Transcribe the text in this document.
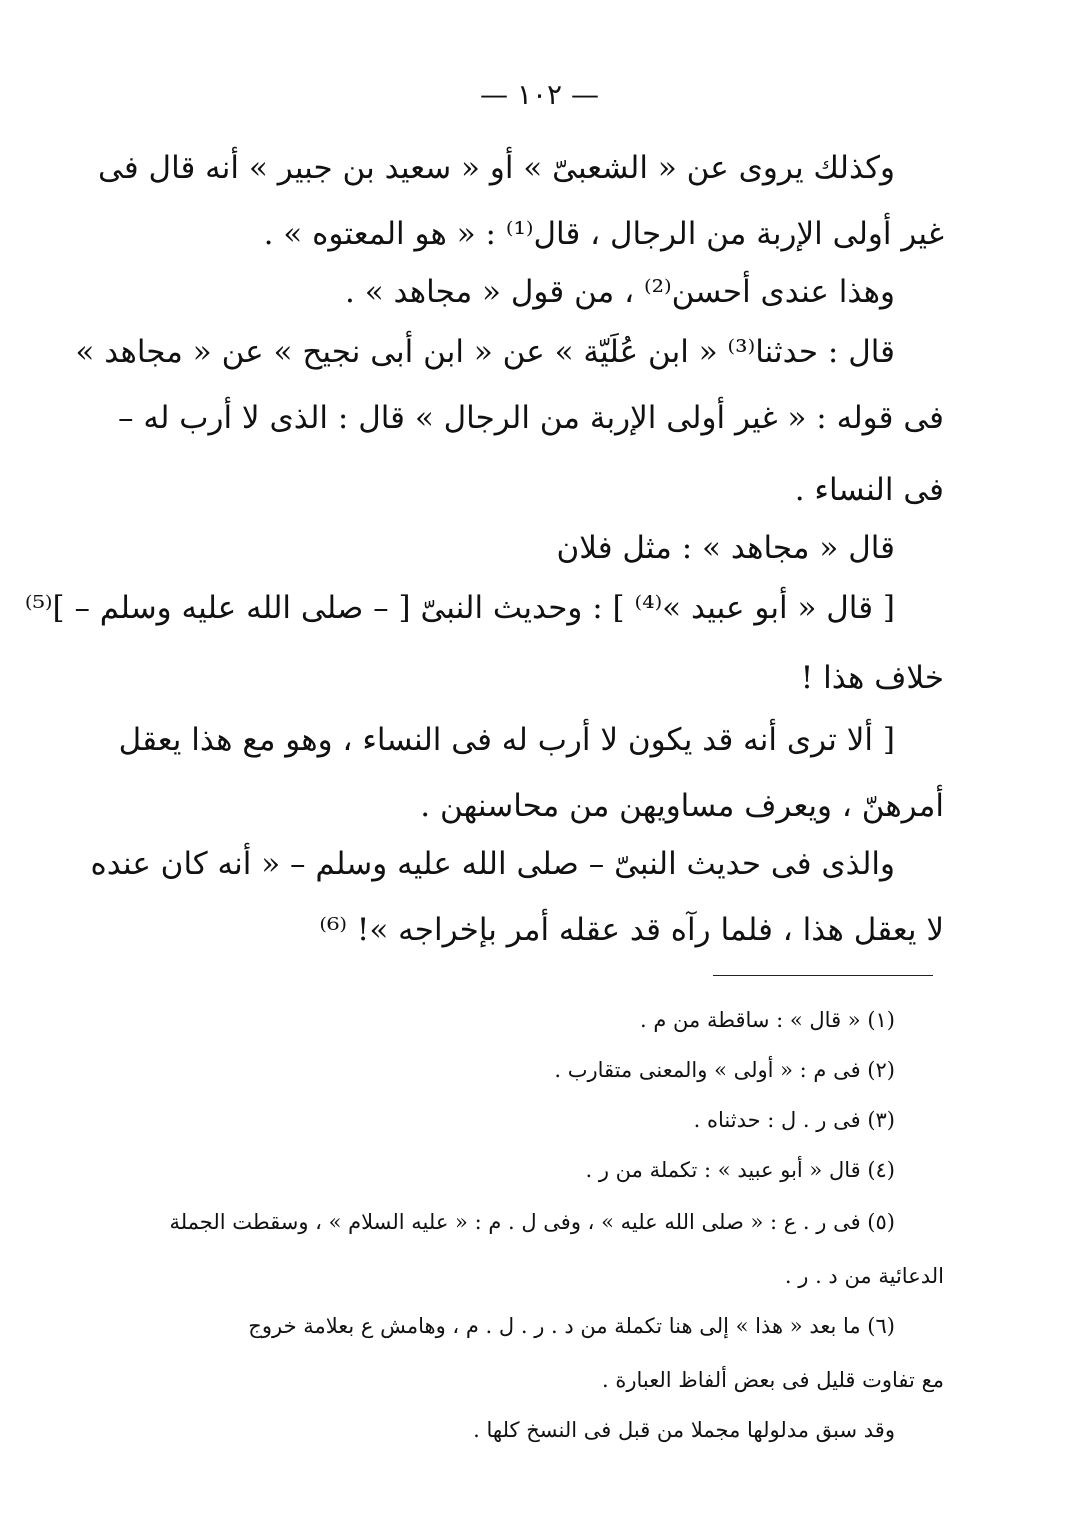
— ١٠٢ —
وكذلك يروى عن « الشعبىّ » أو « سعيد بن جبير » أنه قال فى
غير أولى الإربة من الرجال ، قال⁽¹⁾ : « هو المعتوه » .
وهذا عندى أحسن⁽²⁾ ، من قول « مجاهد » .
قال : حدثنا⁽³⁾ « ابن عُلَيّة » عن « ابن أبى نجيح » عن « مجاهد »
فى قوله : « غير أولى الإربة من الرجال » قال : الذى لا أرب له –
فى النساء .
قال « مجاهد » : مثل فلان
[ قال « أبو عبيد »⁽⁴⁾ ] : وحديث النبىّ [ – صلى الله عليه وسلم – ]⁽⁵⁾
خلاف هذا !
[ ألا ترى أنه قد يكون لا أرب له فى النساء ، وهو مع هذا يعقل
أمرهنّ ، ويعرف مساويهن من محاسنهن .
والذى فى حديث النبىّ – صلى الله عليه وسلم – « أنه كان عنده
لا يعقل هذا ، فلما رآه قد عقله أمر بإخراجه »! ⁽⁶⁾
(١) « قال » : ساقطة من م .
(٢) فى م : « أولى » والمعنى متقارب .
(٣) فى ر . ل : حدثناه .
(٤) قال « أبو عبيد » : تكملة من ر .
(٥) فى ر . ع : « صلى الله عليه » ، وفى ل . م : « عليه السلام » ، وسقطت الجملة
الدعائية من د . ر .
(٦) ما بعد « هذا » إلى هنا تكملة من د . ر . ل . م ، وهامش ع بعلامة خروج
مع تفاوت قليل فى بعض ألفاظ العبارة .
وقد سبق مدلولها مجملا من قبل فى النسخ كلها .
